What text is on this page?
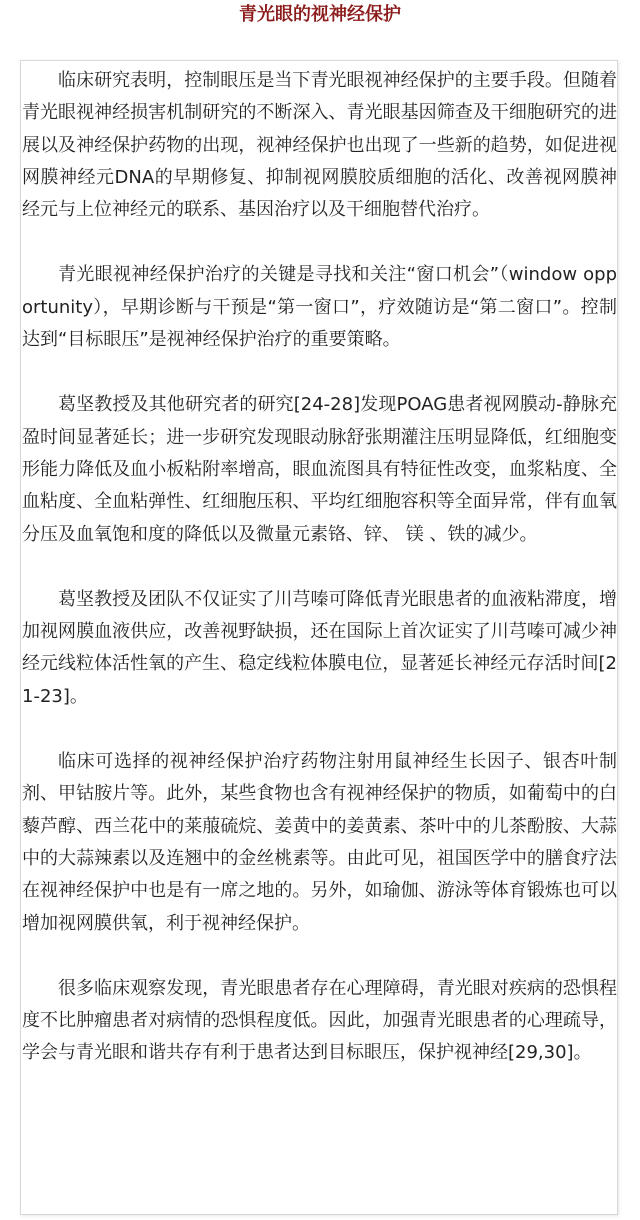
青光眼的视神经保护

临床研究表明，控制眼压是当下青光眼视神经保护的主要手段。但随着青光眼视神经损害机制研究的不断深入、青光眼基因筛查及干细胞研究的进展以及神经保护药物的出现，视神经保护也出现了一些新的趋势，如促进视网膜神经元DNA的早期修复、抑制视网膜胶质细胞的活化、改善视网膜神经元与上位神经元的联系、基因治疗以及干细胞替代治疗。

青光眼视神经保护治疗的关键是寻找和关注“窗口机会”（window opportunity），早期诊断与干预是“第一窗口”，疗效随访是“第二窗口”。控制达到“目标眼压”是视神经保护治疗的重要策略。

葛坚教授及其他研究者的研究[24-28]发现POAG患者视网膜动-静脉充盈时间显著延长；进一步研究发现眼动脉舒张期灌注压明显降低，红细胞变形能力降低及血小板粘附率增高，眼血流图具有特征性改变，血浆粘度、全血粘度、全血粘弹性、红细胞压积、平均红细胞容积等全面异常，伴有血氧分压及血氧饱和度的降低以及微量元素铬、锌、 镁 、铁的减少。

葛坚教授及团队不仅证实了川芎嗪可降低青光眼患者的血液粘滞度，增加视网膜血液供应，改善视野缺损，还在国际上首次证实了川芎嗪可减少神经元线粒体活性氧的产生、稳定线粒体膜电位，显著延长神经元存活时间[21-23]。

临床可选择的视神经保护治疗药物注射用鼠神经生长因子、银杏叶制剂、甲钴胺片等。此外，某些食物也含有视神经保护的物质，如葡萄中的白藜芦醇、西兰花中的莱菔硫烷、姜黄中的姜黄素、茶叶中的儿茶酚胺、大蒜中的大蒜辣素以及连翘中的金丝桃素等。由此可见，祖国医学中的膳食疗法在视神经保护中也是有一席之地的。另外，如瑜伽、游泳等体育锻炼也可以增加视网膜供氧，利于视神经保护。

很多临床观察发现，青光眼患者存在心理障碍，青光眼对疾病的恐惧程度不比肿瘤患者对病情的恐惧程度低。因此，加强青光眼患者的心理疏导，学会与青光眼和谐共存有利于患者达到目标眼压，保护视神经[29,30]。
